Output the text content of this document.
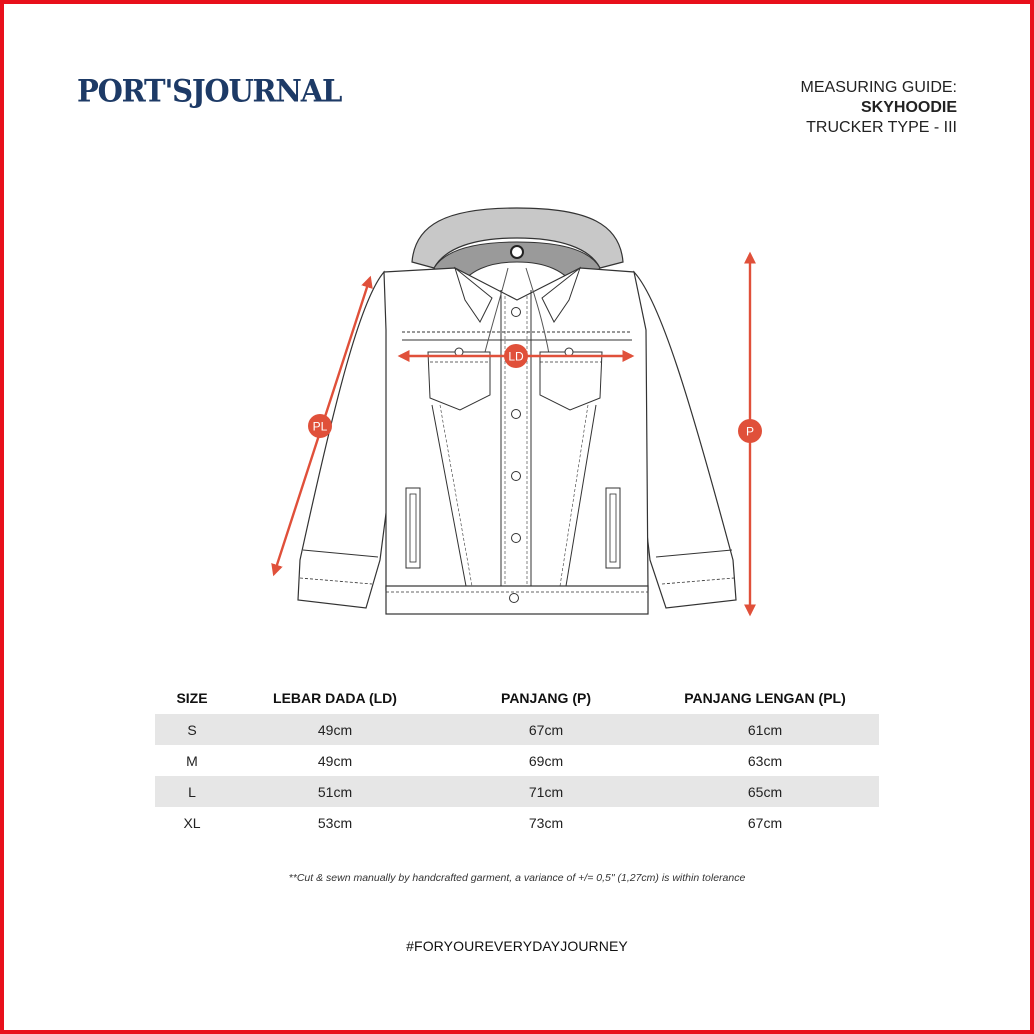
PORT'SJOURNAL	MEASURING GUIDE:
SKYHOODIE
TRUCKER TYPE - III
LD
P
PL
SIZE	LEBAR DADA (LD)	PANJANG (P)	PANJANG LENGAN (PL)
S	49cm	67cm	61cm
M	49cm	69cm	63cm
L	51cm	71cm	65cm
XL	53cm	73cm	67cm
**Cut & sewn manually by handcrafted garment, a variance of +/= 0,5" (1,27cm) is within tolerance
#FORYOUREVERYDAYJOURNEY
